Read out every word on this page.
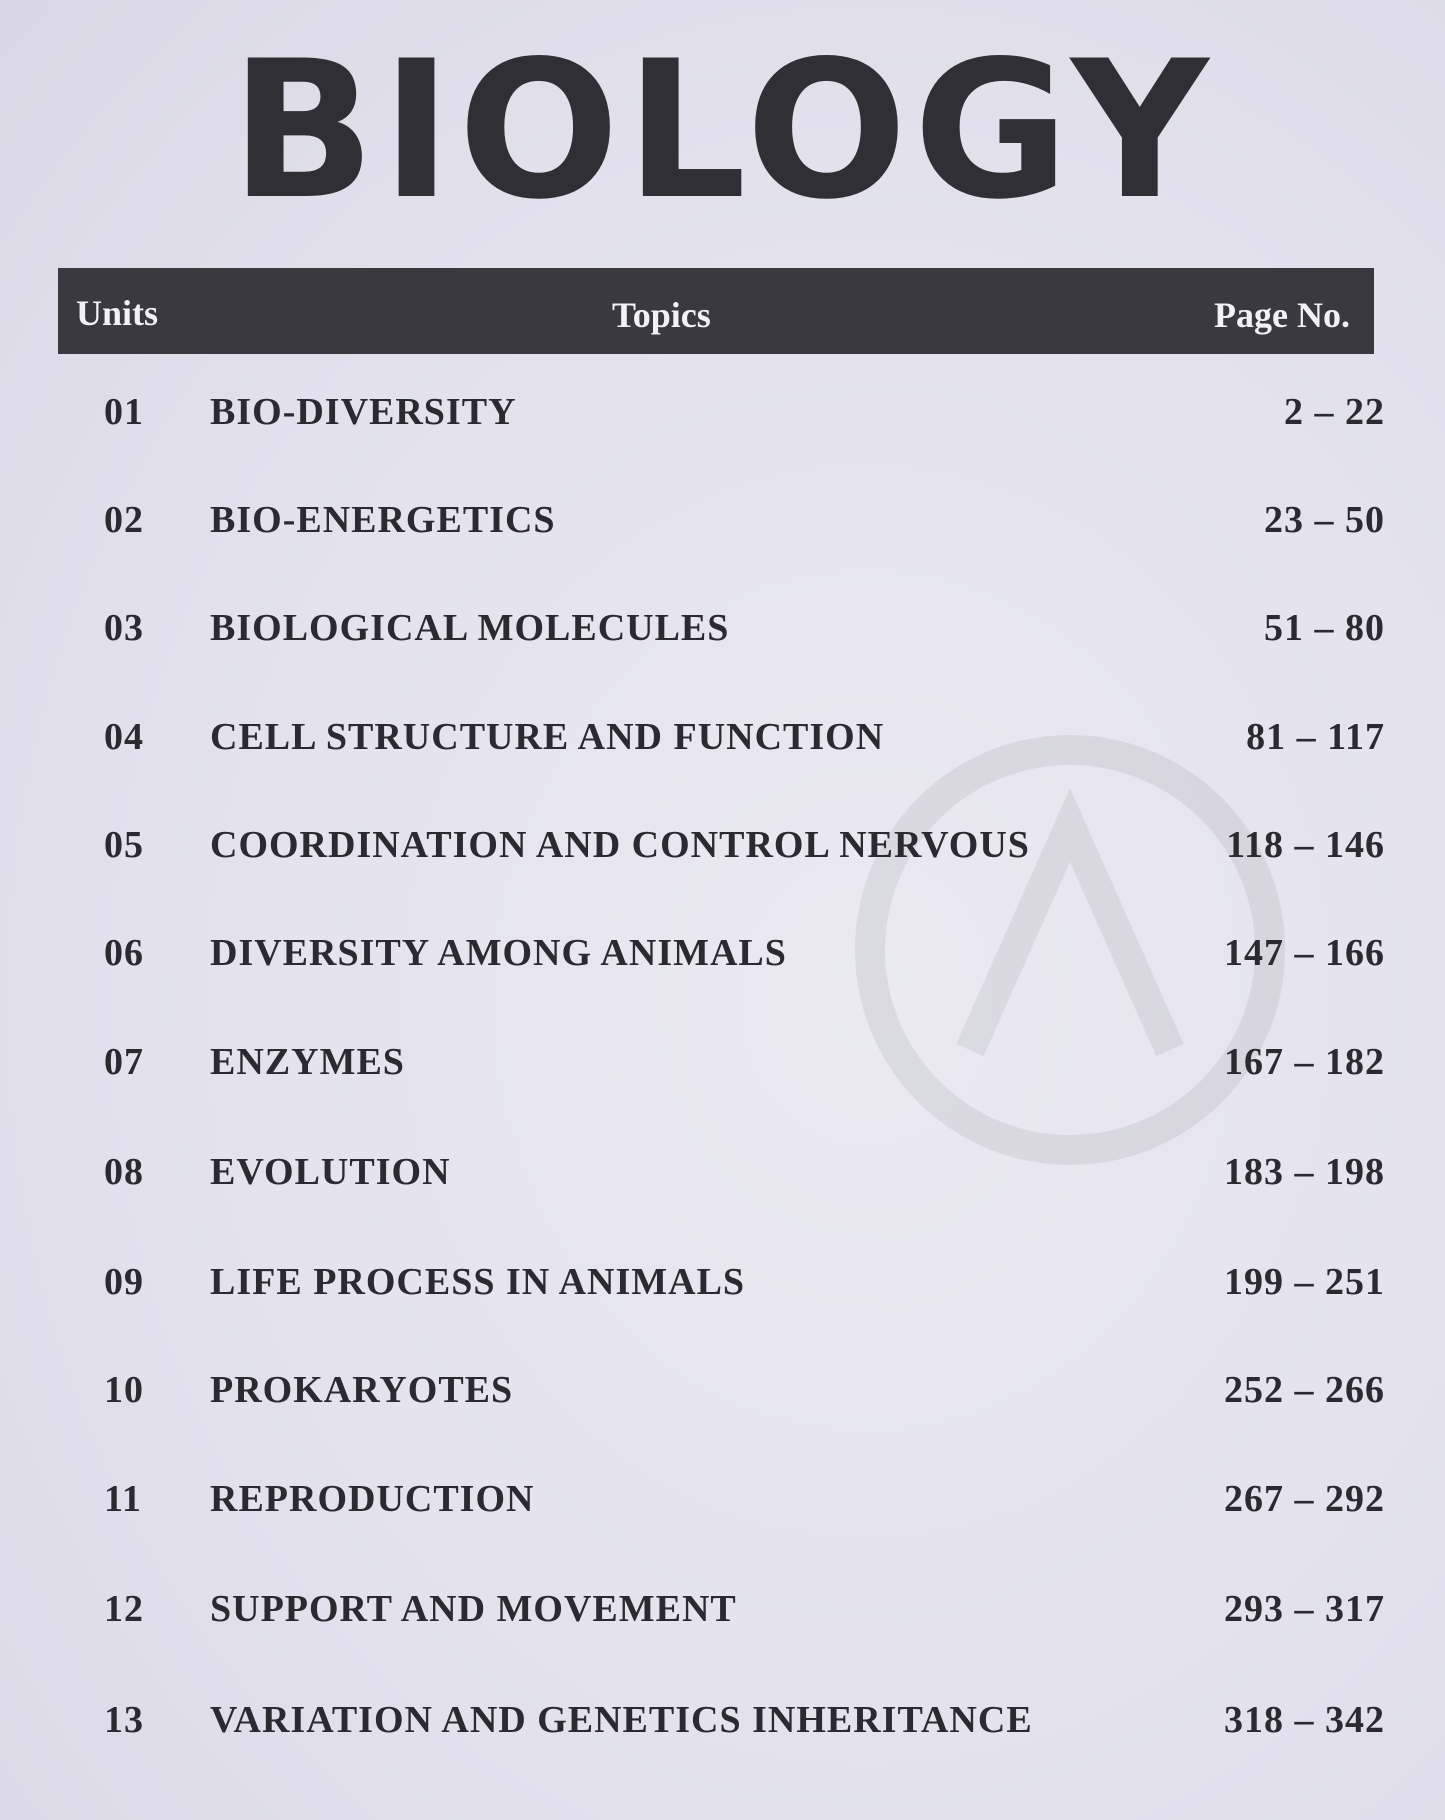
BIOLOGY
Units	Topics	Page No.
01 BIO-DIVERSITY	2 – 22
02 BIO-ENERGETICS	23 – 50
03 BIOLOGICAL MOLECULES	51 – 80
04 CELL STRUCTURE AND FUNCTION	81 – 117
05 COORDINATION AND CONTROL NERVOUS	118 – 146
06 DIVERSITY AMONG ANIMALS	147 – 166
07 ENZYMES	167 – 182
08 EVOLUTION	183 – 198
09 LIFE PROCESS IN ANIMALS	199 – 251
10 PROKARYOTES	252 – 266
11 REPRODUCTION	267 – 292
12 SUPPORT AND MOVEMENT	293 – 317
13 VARIATION AND GENETICS INHERITANCE	318 – 342
